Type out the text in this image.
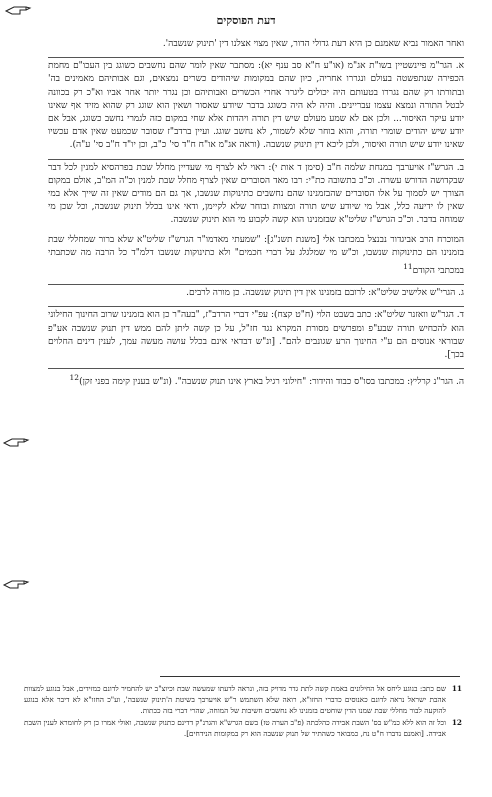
דעת הפוסקים

ואחר האמור נביא שאמנם כן היא דעת גדולי הדור, שאין מצוי אצלנו דין 'תינוק שנשבה'.

א. הגר"מ פיינשטיין בשו"ת אג"מ (או"ע ח"א סב ענף יא): מסתבר שאין לומר שהם נחשבים כשוגג בין העכו"ם מחמת הכפירה שנתפשטה בעולם ונגררו אחריה, כיון שהם במקומות שיהודים כשרים נמצאים, וגם אבותיהם מאמינים בה' ובתורתו רק שהם נגררו בטעותם היה יכולים ליגרר אחרי הכשרים ואבותיהם וכן נגרר יותר אחר אביו וא"כ רק בכוונה לבטל התורה ונמצא עצמו עבריינים. והיה לא היה כשוגג בדבר שיודע שאסור ושאין הוא שוגג רק שהוא מזיד אף שאינו יודע עיקר האיסור... ולכן אם לא שמע מעולם שיש דין תורה ויהדות אלא שחי במקום כזה לגמרי נחשב כשוגג, אבל אם יודע שיש יהודים שומרי תורה, והוא בוחר שלא לשמור, לא נחשב שוגג. ועיין ברדב"ז שסובר שכמעט שאין אדם עכשיו שאינו יודע שיש תורה ואיסור, ולכן ליכא דין תינוק שנשבה. (וראה אג"מ או"ח ח"ד סי' כ"ב, וכן יו"ד ח"ב סי' ע"ה).

ב. הגרש"ז אויערבך במנחת שלמה ח"ב (סימן ד אות י): ראוי לא לצרף מי שעדיין מחלל שבת בפרהסיא למנין לכל דבר שבקדושה הדורש עשרה. וכ"כ בתשובה כת"י: רבו מאד הסוברים שאין לצרף מחלל שבת למנין וכ"ה המ"ב, אולם במקום הצורך יש לסמוך על אלו הסוברים שהבזמנינו שהם נחשבים כתינוקות שנשבו, אך גם הם מודים שאין זה שייך אלא במי שאין לו ידיעה כלל, אבל מי שיודע שיש תורה ומצוות ובוחר שלא לקיימן, ודאי אינו בכלל תינוק שנשבה, וכל שכן מי שמוחה בדבר. וכ"כ הגרש"ז שליט"א שבזמנינו הוא קשה לקבוע מי הוא תינוק שנשבה.

המוכרח הרב אביגדור נבנצל במכתבו אלי [משנת תשנ"ג]: "שמעתי מאדמו"ר הגרש"ז שליט"א שלא ברור שמחללי שבת בזמנינו הם כתינוקות שנשבו, וכ"ש מי שמלגלג על דברי חכמים" ולא כתינוקות שנשבו דלמ"ד כל הרבה מה שכתבתי במכתבי הקודם$^{11}$

ג. הגרי"ש אלישיב שליט"א: לרובם בזמנינו אין דין תינוק שנשבה. כן מורה לרבים.

ד. הגר"ש וואזנר שליט"א: כתב בשבט הלוי (ח"ט קצח): עפ"י דברי הרדב"ז, "בעה"ר כן הוא בזמנינו שרוב החינוך החילוני הוא להכחיש תורה שבע"פ ומפרשים מסורת המקרא נגד חז"ל, על כן קשה ליתן להם ממש דין תנוק שנשבה אע"פ שבוראי אנוסים הם ע"י החינוך הרע שגונבים להם". [ונ"ש דבדאי אינם בכלל עושה מעשה עמך, לענין דינים החלוים בכך].

ה. הגר"נ קרליץ: במכתבו בסו"ס כבוד והידור: "חילוני רגיל בארץ אינו תנוק שנשבה". (ונ"ש בענין קימה בפני זקן)$^{12}$

11
שם כתב: בנוגע ליחס אל החילונים באמת קשה לתת גדר מדויק בזה, ונראה לדעתו שמעשה שבת וכיוצ"ב יש להחמיר לדונם כמזידים, אבל בנוגע למצוות אהבת ישראל נראה לדונם כאנוסים כדברי החזו"א, רואה שלא השתמש ר"ש אויערבך בשיטת ה'תינוק שנשבה', וע"כ החזו"א לא דיבר אלא בנוגע להוקעה לבור מחללי שבת שמנו הדין שוחטים בזמנינו לא נחשבים חשיבות של המוחה, שהרי דברי בזה ככתות.
12
וכל זה הוא ללא כמ"ש בס' השבת אבידה כהלכתה (פ"ב הערה טז) בשם הגרש"א והגרנ"ק דדינם כתנוק שנשבה, ואולי אמרו כן רק לחומרא לענין השבת אבידה. [ואמנם נדברו ח"ט נח, כמבואר כשהתיר של תנוק שנשבה הוא רק במקומות הנידחים].
